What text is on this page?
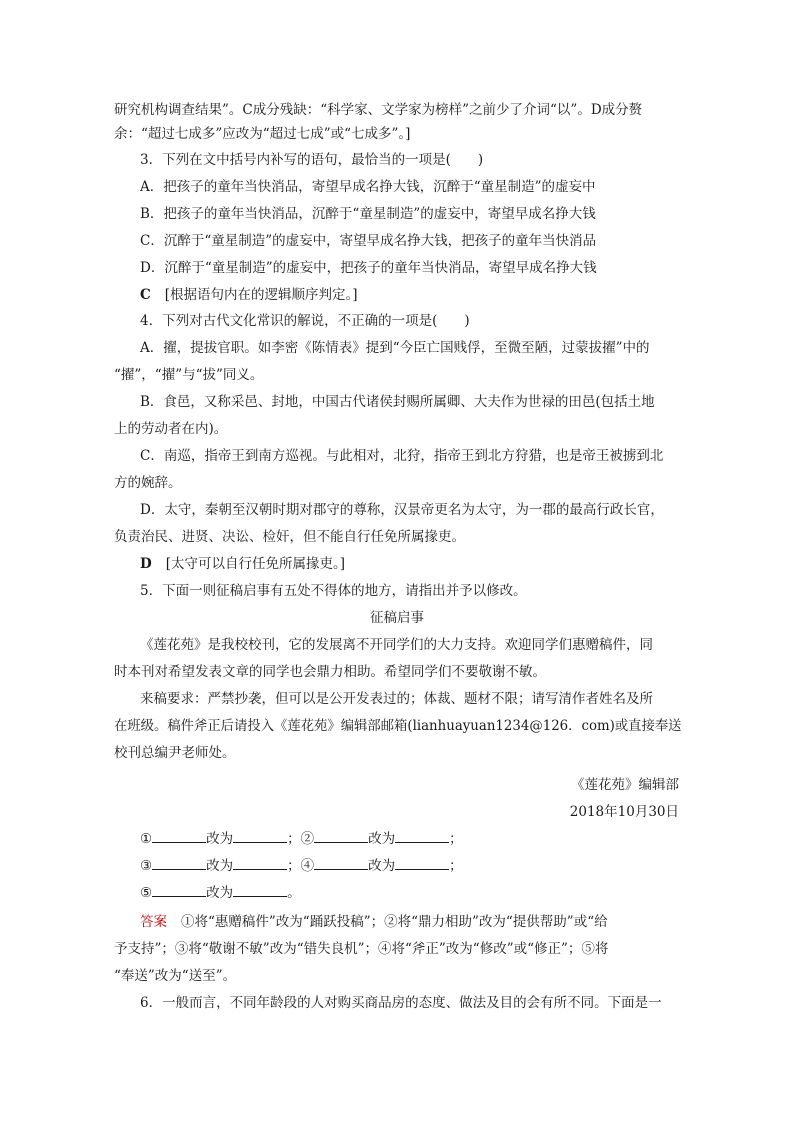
研究机构调查结果”。C成分残缺：“科学家、文学家为榜样”之前少了介词“以”。D成分赘
余：“超过七成多”应改为“超过七成”或“七成多”。]
3．下列在文中括号内补写的语句，最恰当的一项是(　　)
A．把孩子的童年当快消品，寄望早成名挣大钱，沉醉于“童星制造”的虚妄中
B．把孩子的童年当快消品，沉醉于“童星制造”的虚妄中，寄望早成名挣大钱
C．沉醉于“童星制造”的虚妄中，寄望早成名挣大钱，把孩子的童年当快消品
D．沉醉于“童星制造”的虚妄中，把孩子的童年当快消品，寄望早成名挣大钱
C [根据语句内在的逻辑顺序判定。]
4．下列对古代文化常识的解说，不正确的一项是(　　)
A．擢，提拔官职。如李密《陈情表》提到“今臣亡国贱俘，至微至陋，过蒙拔擢”中的
“擢”，“擢”与“拔”同义。
B．食邑，又称采邑、封地，中国古代诸侯封赐所属卿、大夫作为世禄的田邑(包括土地
上的劳动者在内)。
C．南巡，指帝王到南方巡视。与此相对，北狩，指帝王到北方狩猎，也是帝王被掳到北
方的婉辞。
D．太守，秦朝至汉朝时期对郡守的尊称，汉景帝更名为太守，为一郡的最高行政长官，
负责治民、进贤、决讼、检奸，但不能自行任免所属掾吏。
D [太守可以自行任免所属掾吏。]
5．下面一则征稿启事有五处不得体的地方，请指出并予以修改。
征稿启事
《莲花苑》是我校校刊，它的发展离不开同学们的大力支持。欢迎同学们惠赠稿件，同
时本刊对希望发表文章的同学也会鼎力相助。希望同学们不要敬谢不敏。
来稿要求：严禁抄袭，但可以是公开发表过的；体裁、题材不限；请写清作者姓名及所
在班级。稿件斧正后请投入《莲花苑》编辑部邮箱(lianhuayuan1234@126．com)或直接奉送
校刊总编尹老师处。
《莲花苑》编辑部
2018年10月30日
①	改为	；②	改为	；
③	改为	；④	改为	；
⑤	改为	。
答案 ①将“惠赠稿件”改为“踊跃投稿”；②将“鼎力相助”改为“提供帮助”或“给
予支持”；③将“敬谢不敏”改为“错失良机”；④将“斧正”改为“修改”或“修正”；⑤将
“奉送”改为“送至”。
6．一般而言，不同年龄段的人对购买商品房的态度、做法及目的会有所不同。下面是一
